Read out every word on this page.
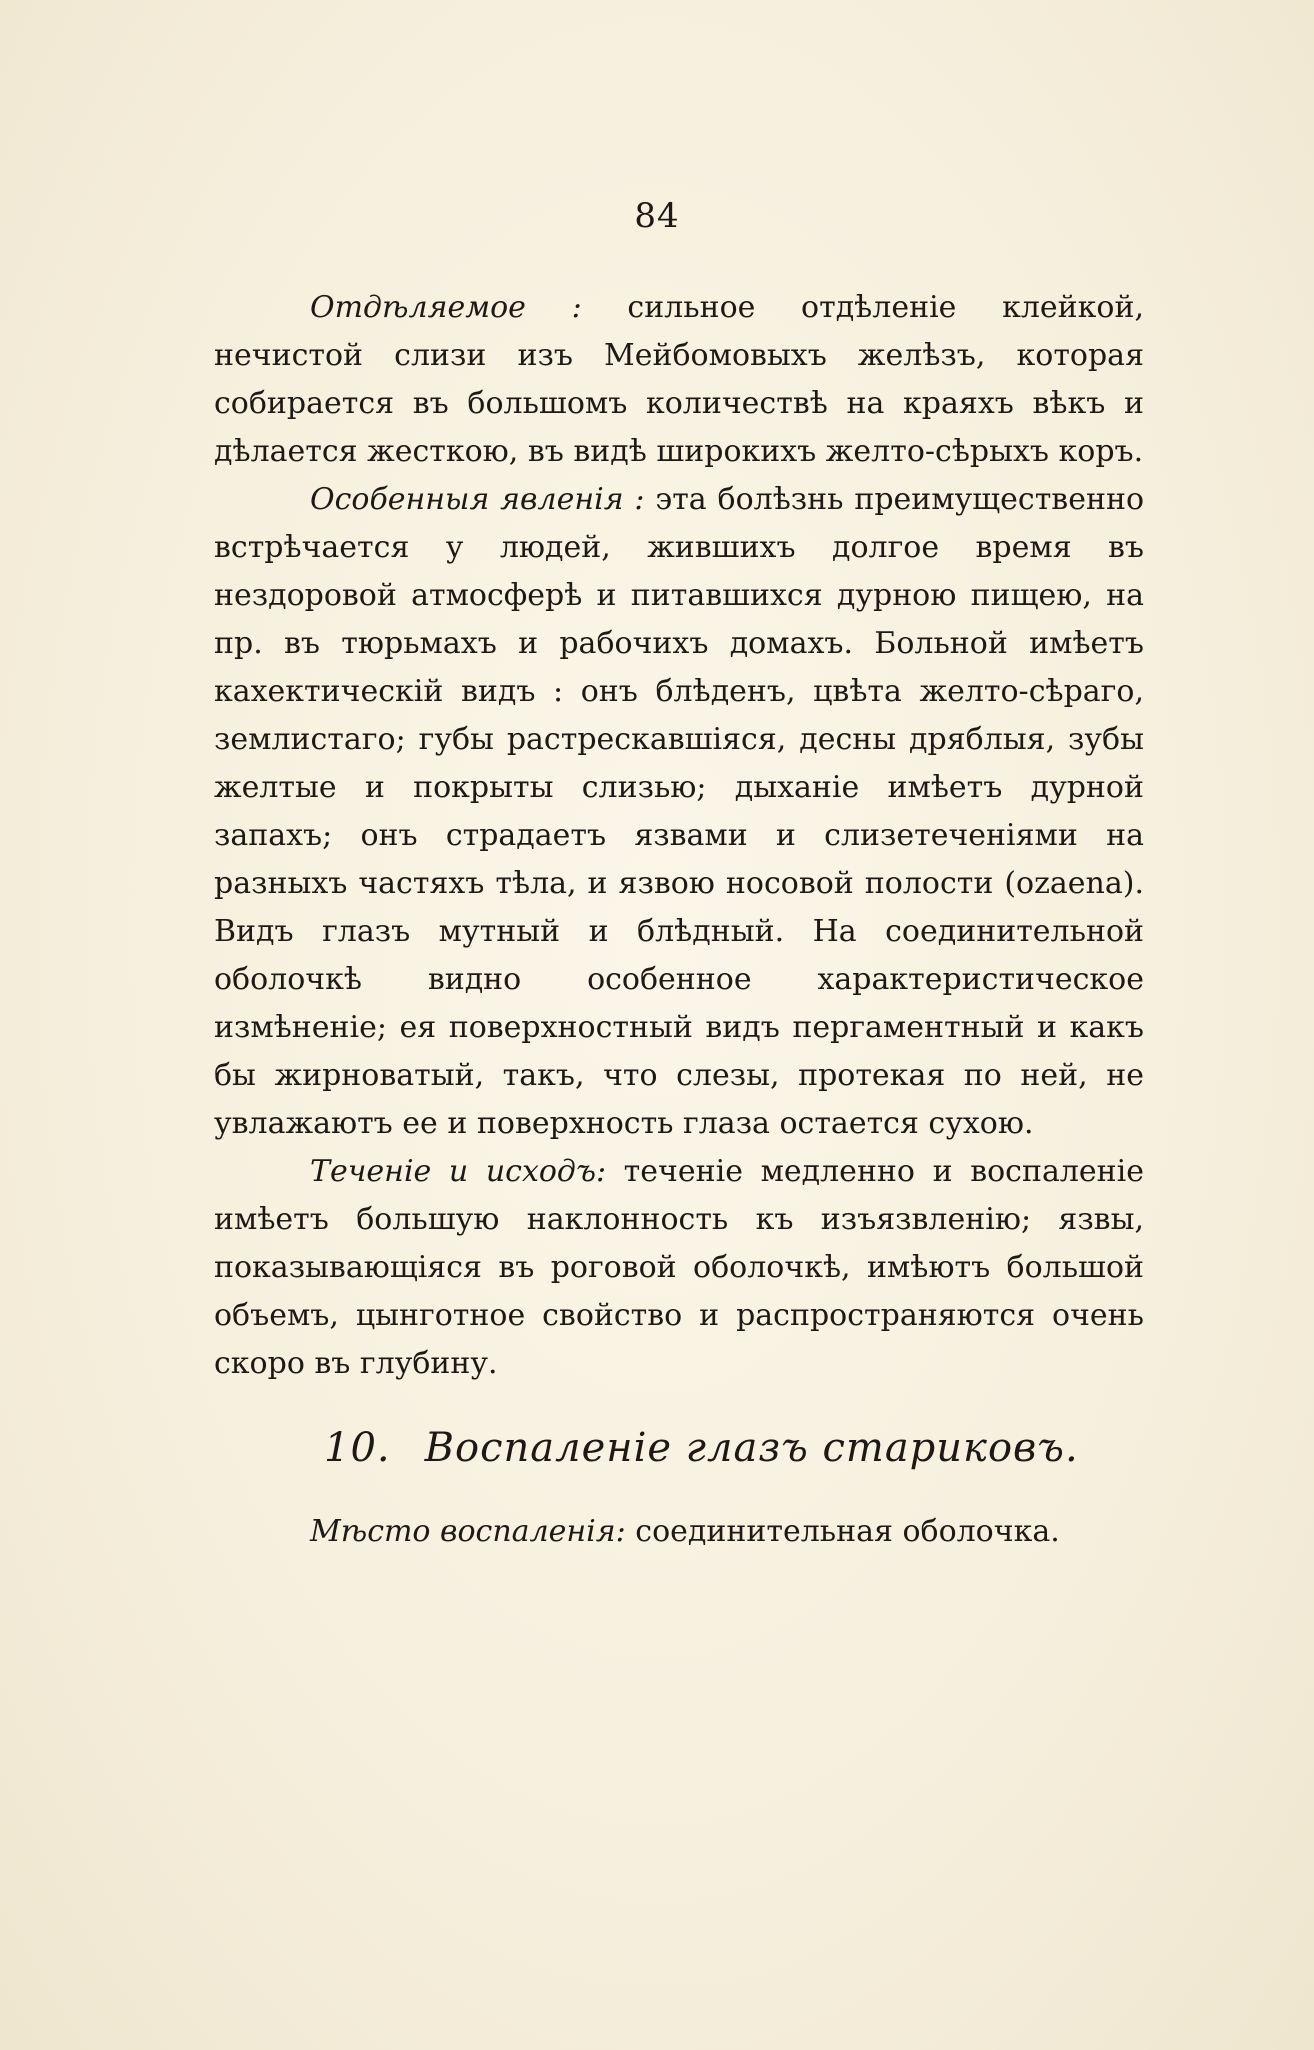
84

Отдѣляемое : сильное отдѣленіе клейкой, нечистой слизи изъ Мейбомовыхъ желѣзъ, которая собирается въ большомъ количествѣ на краяхъ вѣкъ и дѣлается жесткою, въ видѣ широкихъ желто-сѣрыхъ коръ.

Особенныя явленія : эта болѣзнь преимущественно встрѣчается у людей, жившихъ долгое время въ нездоровой атмосферѣ и питавшихся дурною пищею, на пр. въ тюрьмахъ и рабочихъ домахъ. Больной имѣетъ кахектическій видъ : онъ блѣденъ, цвѣта желто-сѣраго, землистаго; губы растрескавшіяся, десны дряблыя, зубы желтые и покрыты слизью; дыханіе имѣетъ дурной запахъ; онъ страдаетъ язвами и слизетеченіями на разныхъ частяхъ тѣла, и язвою носовой полости (ozaena). Видъ глазъ мутный и блѣдный. На соединительной оболочкѣ видно особенное характеристическое измѣненіе; ея поверхностный видъ пергаментный и какъ бы жирноватый, такъ, что слезы, протекая по ней, не увлажаютъ ее и поверхность глаза остается сухою.

Теченіе и исходъ: теченіе медленно и воспаленіе имѣетъ большую наклонность къ изъязвленію; язвы, показывающіяся въ роговой оболочкѣ, имѣютъ большой объемъ, цынготное свойство и распространяются очень скоро въ глубину.

10. Воспаленіе глазъ стариковъ.

Мѣсто воспаленія: соединительная оболочка.
